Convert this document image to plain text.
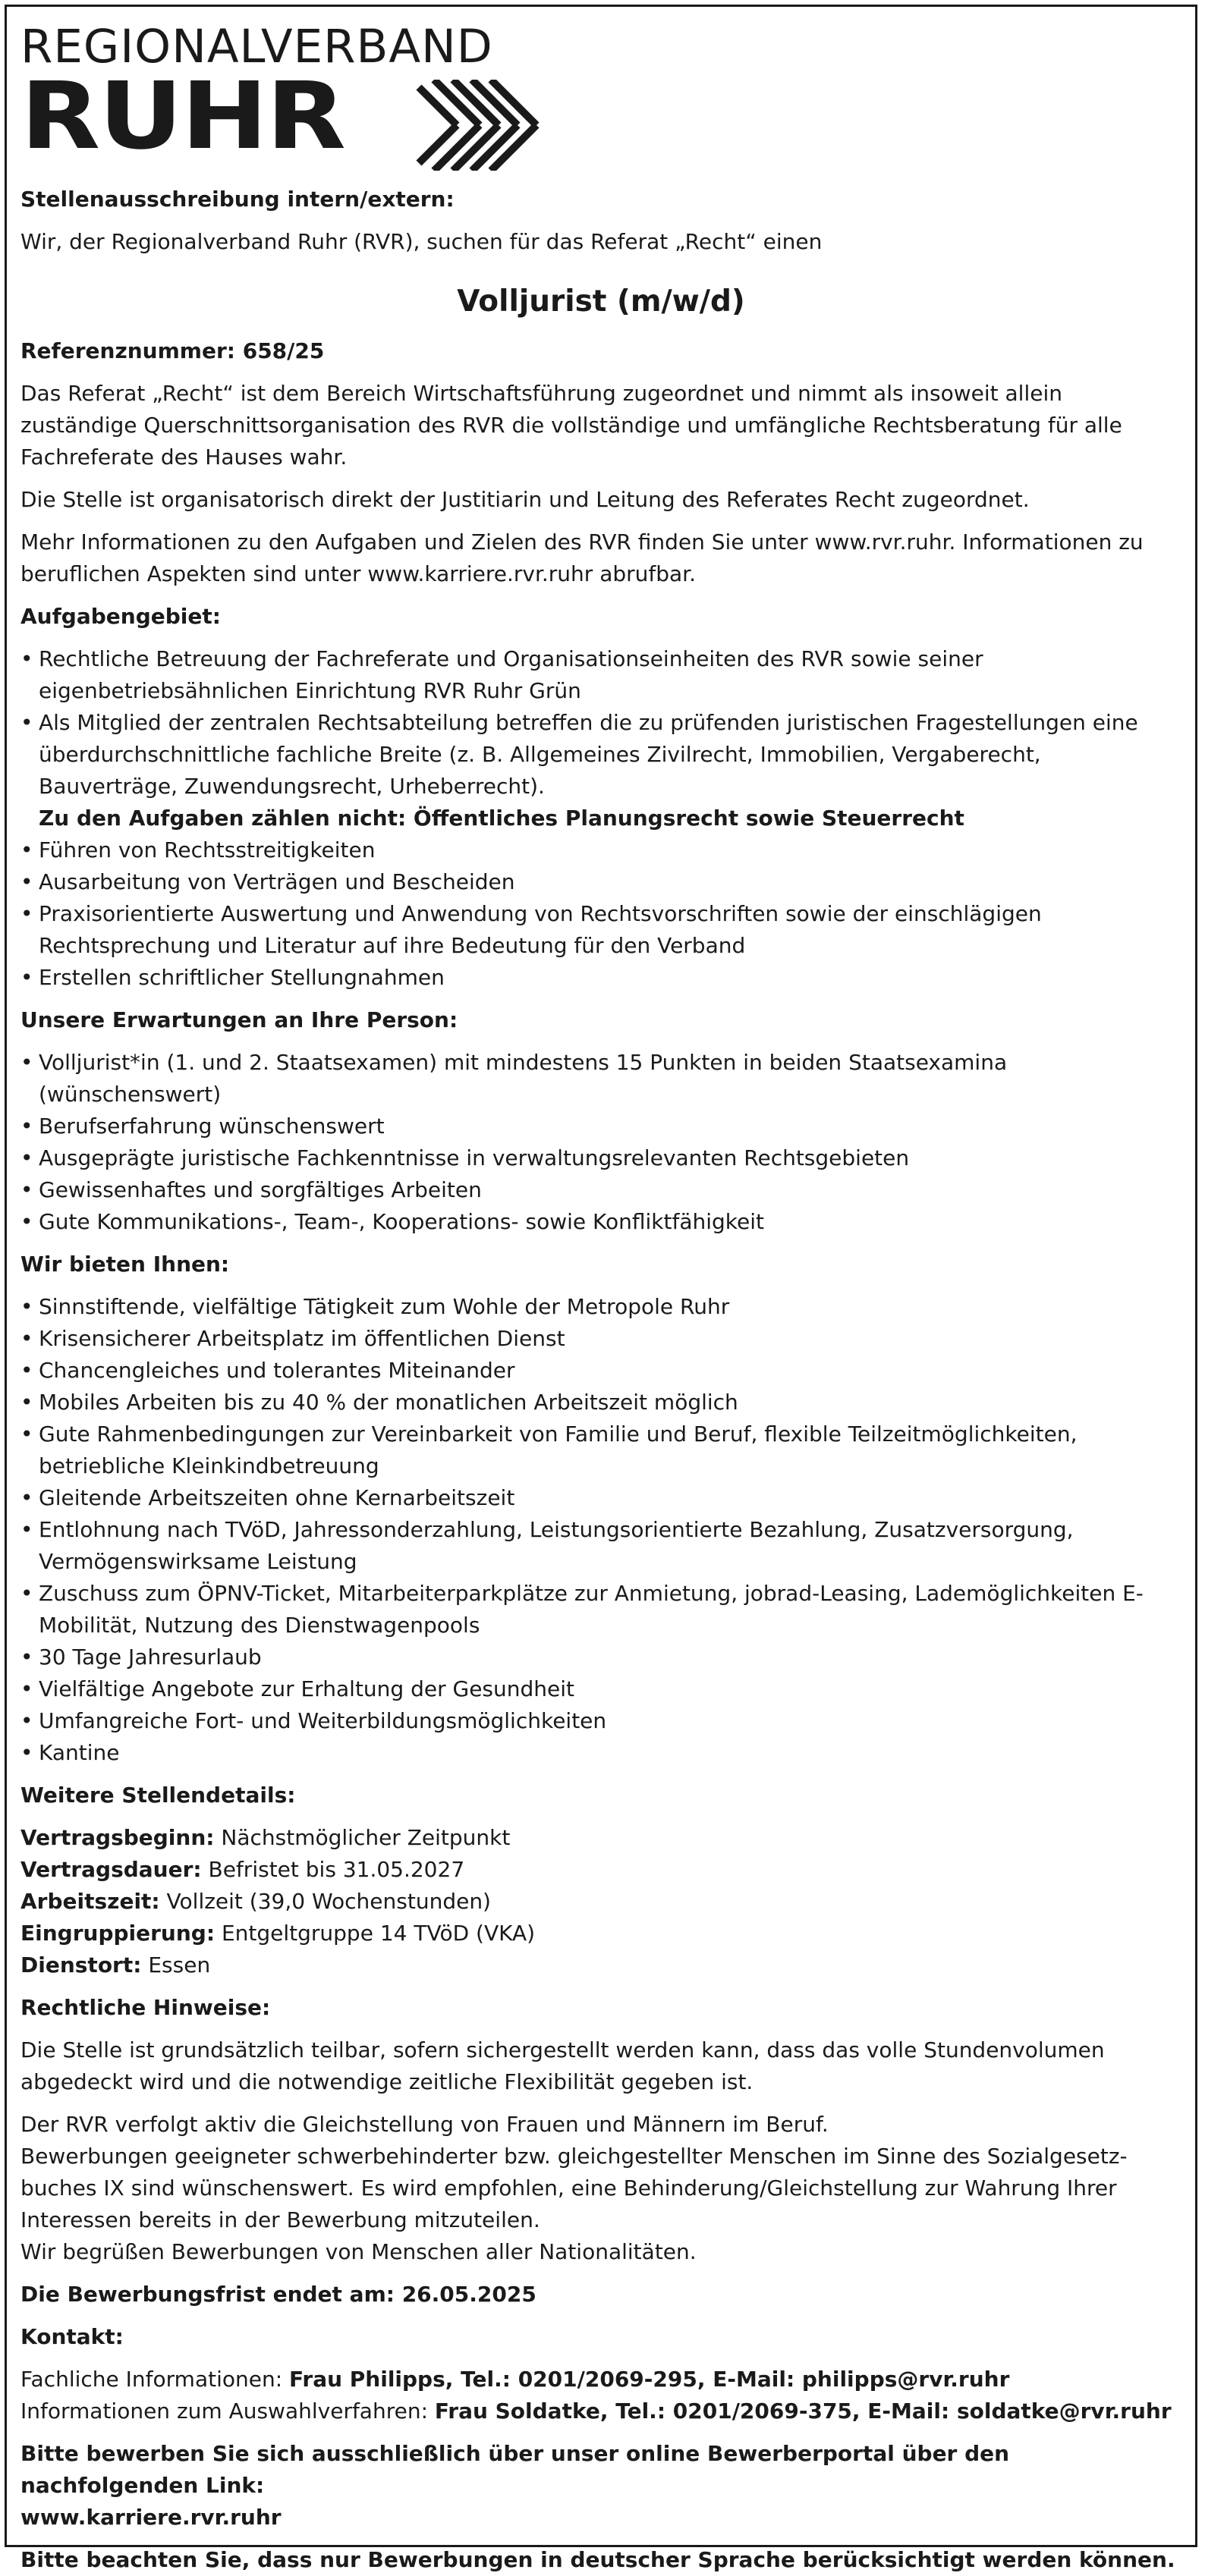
REGIONALVERBAND
RUHR
Stellenausschreibung intern/extern:
Wir, der Regionalverband Ruhr (RVR), suchen für das Referat „Recht“ einen
Volljurist (m/w/d)
Referenznummer: 658/25
Das Referat „Recht“ ist dem Bereich Wirtschaftsführung zugeordnet und nimmt als insoweit allein zuständige Querschnittsorganisation des RVR die vollständige und umfängliche Rechtsberatung für alle Fachreferate des Hauses wahr.
Die Stelle ist organisatorisch direkt der Justitiarin und Leitung des Referates Recht zugeordnet.
Mehr Informationen zu den Aufgaben und Zielen des RVR finden Sie unter www.rvr.ruhr. Informationen zu beruflichen Aspekten sind unter www.karriere.rvr.ruhr abrufbar.
Aufgabengebiet:
• Rechtliche Betreuung der Fachreferate und Organisationseinheiten des RVR sowie seiner eigenbetriebsähnlichen Einrichtung RVR Ruhr Grün
• Als Mitglied der zentralen Rechtsabteilung betreffen die zu prüfenden juristischen Fragestellungen eine überdurchschnittliche fachliche Breite (z. B. Allgemeines Zivilrecht, Immobilien, Vergaberecht, Bauverträge, Zuwendungsrecht, Urheberrecht).
Zu den Aufgaben zählen nicht: Öffentliches Planungsrecht sowie Steuerrecht
• Führen von Rechtsstreitigkeiten
• Ausarbeitung von Verträgen und Bescheiden
• Praxisorientierte Auswertung und Anwendung von Rechtsvorschriften sowie der einschlägigen Rechtsprechung und Literatur auf ihre Bedeutung für den Verband
• Erstellen schriftlicher Stellungnahmen
Unsere Erwartungen an Ihre Person:
• Volljurist*in (1. und 2. Staatsexamen) mit mindestens 15 Punkten in beiden Staatsexamina (wünschenswert)
• Berufserfahrung wünschenswert
• Ausgeprägte juristische Fachkenntnisse in verwaltungsrelevanten Rechtsgebieten
• Gewissenhaftes und sorgfältiges Arbeiten
• Gute Kommunikations-, Team-, Kooperations- sowie Konfliktfähigkeit
Wir bieten Ihnen:
• Sinnstiftende, vielfältige Tätigkeit zum Wohle der Metropole Ruhr
• Krisensicherer Arbeitsplatz im öffentlichen Dienst
• Chancengleiches und tolerantes Miteinander
• Mobiles Arbeiten bis zu 40 % der monatlichen Arbeitszeit möglich
• Gute Rahmenbedingungen zur Vereinbarkeit von Familie und Beruf, flexible Teilzeitmöglichkeiten, betriebliche Kleinkindbetreuung
• Gleitende Arbeitszeiten ohne Kernarbeitszeit
• Entlohnung nach TVöD, Jahressonderzahlung, Leistungsorientierte Bezahlung, Zusatzversorgung, Vermögenswirksame Leistung
• Zuschuss zum ÖPNV-Ticket, Mitarbeiterparkplätze zur Anmietung, jobrad-Leasing, Lademöglichkeiten E-Mobilität, Nutzung des Dienstwagenpools
• 30 Tage Jahresurlaub
• Vielfältige Angebote zur Erhaltung der Gesundheit
• Umfangreiche Fort- und Weiterbildungsmöglichkeiten
• Kantine
Weitere Stellendetails:
Vertragsbeginn: Nächstmöglicher Zeitpunkt
Vertragsdauer: Befristet bis 31.05.2027
Arbeitszeit: Vollzeit (39,0 Wochenstunden)
Eingruppierung: Entgeltgruppe 14 TVöD (VKA)
Dienstort: Essen
Rechtliche Hinweise:
Die Stelle ist grundsätzlich teilbar, sofern sichergestellt werden kann, dass das volle Stundenvolumen abgedeckt wird und die notwendige zeitliche Flexibilität gegeben ist.
Der RVR verfolgt aktiv die Gleichstellung von Frauen und Männern im Beruf.
Bewerbungen geeigneter schwerbehinderter bzw. gleichgestellter Menschen im Sinne des Sozialgesetz- buches IX sind wünschenswert. Es wird empfohlen, eine Behinderung/Gleichstellung zur Wahrung Ihrer Interessen bereits in der Bewerbung mitzuteilen.
Wir begrüßen Bewerbungen von Menschen aller Nationalitäten.
Die Bewerbungsfrist endet am: 26.05.2025
Kontakt:
Fachliche Informationen: Frau Philipps, Tel.: 0201/2069-295, E-Mail: philipps@rvr.ruhr
Informationen zum Auswahlverfahren: Frau Soldatke, Tel.: 0201/2069-375, E-Mail: soldatke@rvr.ruhr
Bitte bewerben Sie sich ausschließlich über unser online Bewerberportal über den nachfolgenden Link:
www.karriere.rvr.ruhr
Bitte beachten Sie, dass nur Bewerbungen in deutscher Sprache berücksichtigt werden können.
